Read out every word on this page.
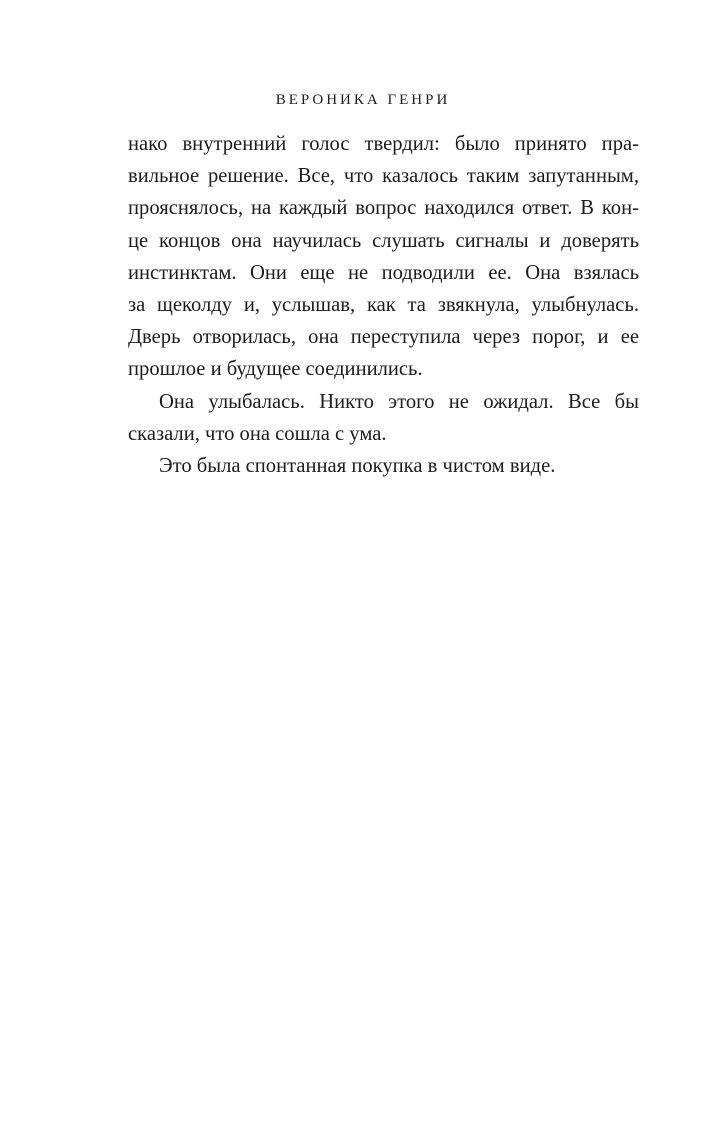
ВЕРОНИКА ГЕНРИ
нако внутренний голос твердил: было принято пра-
вильное решение. Все, что казалось таким запутанным,
прояснялось, на каждый вопрос находился ответ. В кон-
це концов она научилась слушать сигналы и доверять
инстинктам. Они еще не подводили ее. Она взялась
за щеколду и, услышав, как та звякнула, улыбнулась.
Дверь отворилась, она переступила через порог, и ее
прошлое и будущее соединились.
Она улыбалась. Никто этого не ожидал. Все бы
сказали, что она сошла с ума.
Это была спонтанная покупка в чистом виде.
